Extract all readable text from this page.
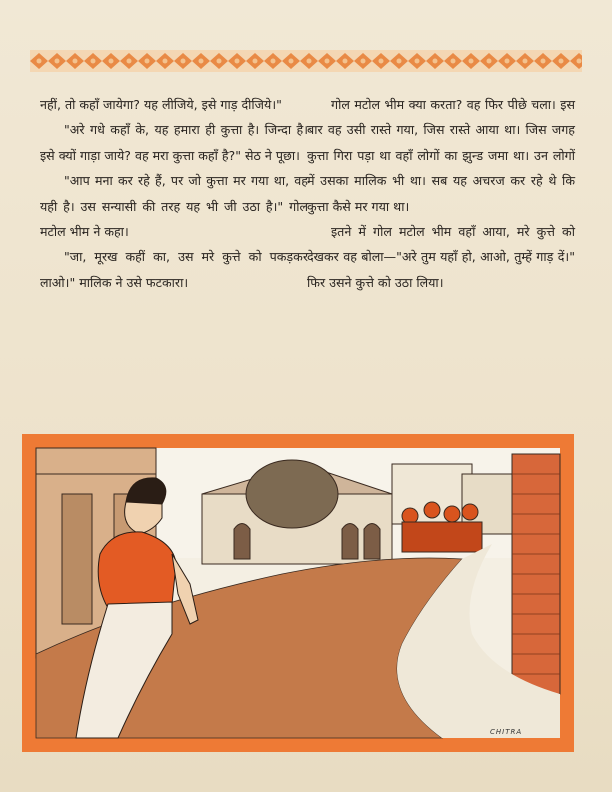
नहीं, तो कहाँ जायेगा? यह लीजिये, इसे गाड़ दीजिये।"

"अरे गधे कहाँ के, यह हमारा ही कुत्ता है। जिन्दा है। इसे क्यों गाड़ा जाये? वह मरा कुत्ता कहाँ है?" सेठ ने पूछा।

"आप मना कर रहे हैं, पर जो कुत्ता मर गया था, वह यही है। उस सन्यासी की तरह यह भी जी उठा है।" गोल मटोल भीम ने कहा।

"जा, मूरख कहीं का, उस मरे कुत्ते को पकड़कर लाओ।" मालिक ने उसे फटकारा।

गोल मटोल भीम क्या करता? वह फिर पीछे चला। इस बार वह उसी रास्ते गया, जिस रास्ते आया था। जिस जगह कुत्ता गिरा पड़ा था वहाँ लोगों का झुन्ड जमा था। उन लोगों में उसका मालिक भी था। सब यह अचरज कर रहे थे कि कुत्ता कैसे मर गया था।

इतने में गोल मटोल भीम वहाँ आया, मरे कुत्ते को देखकर वह बोला—"अरे तुम यहाँ हो, आओ, तुम्हें गाड़ दें।" फिर उसने कुत्ते को उठा लिया।

CHITRA
